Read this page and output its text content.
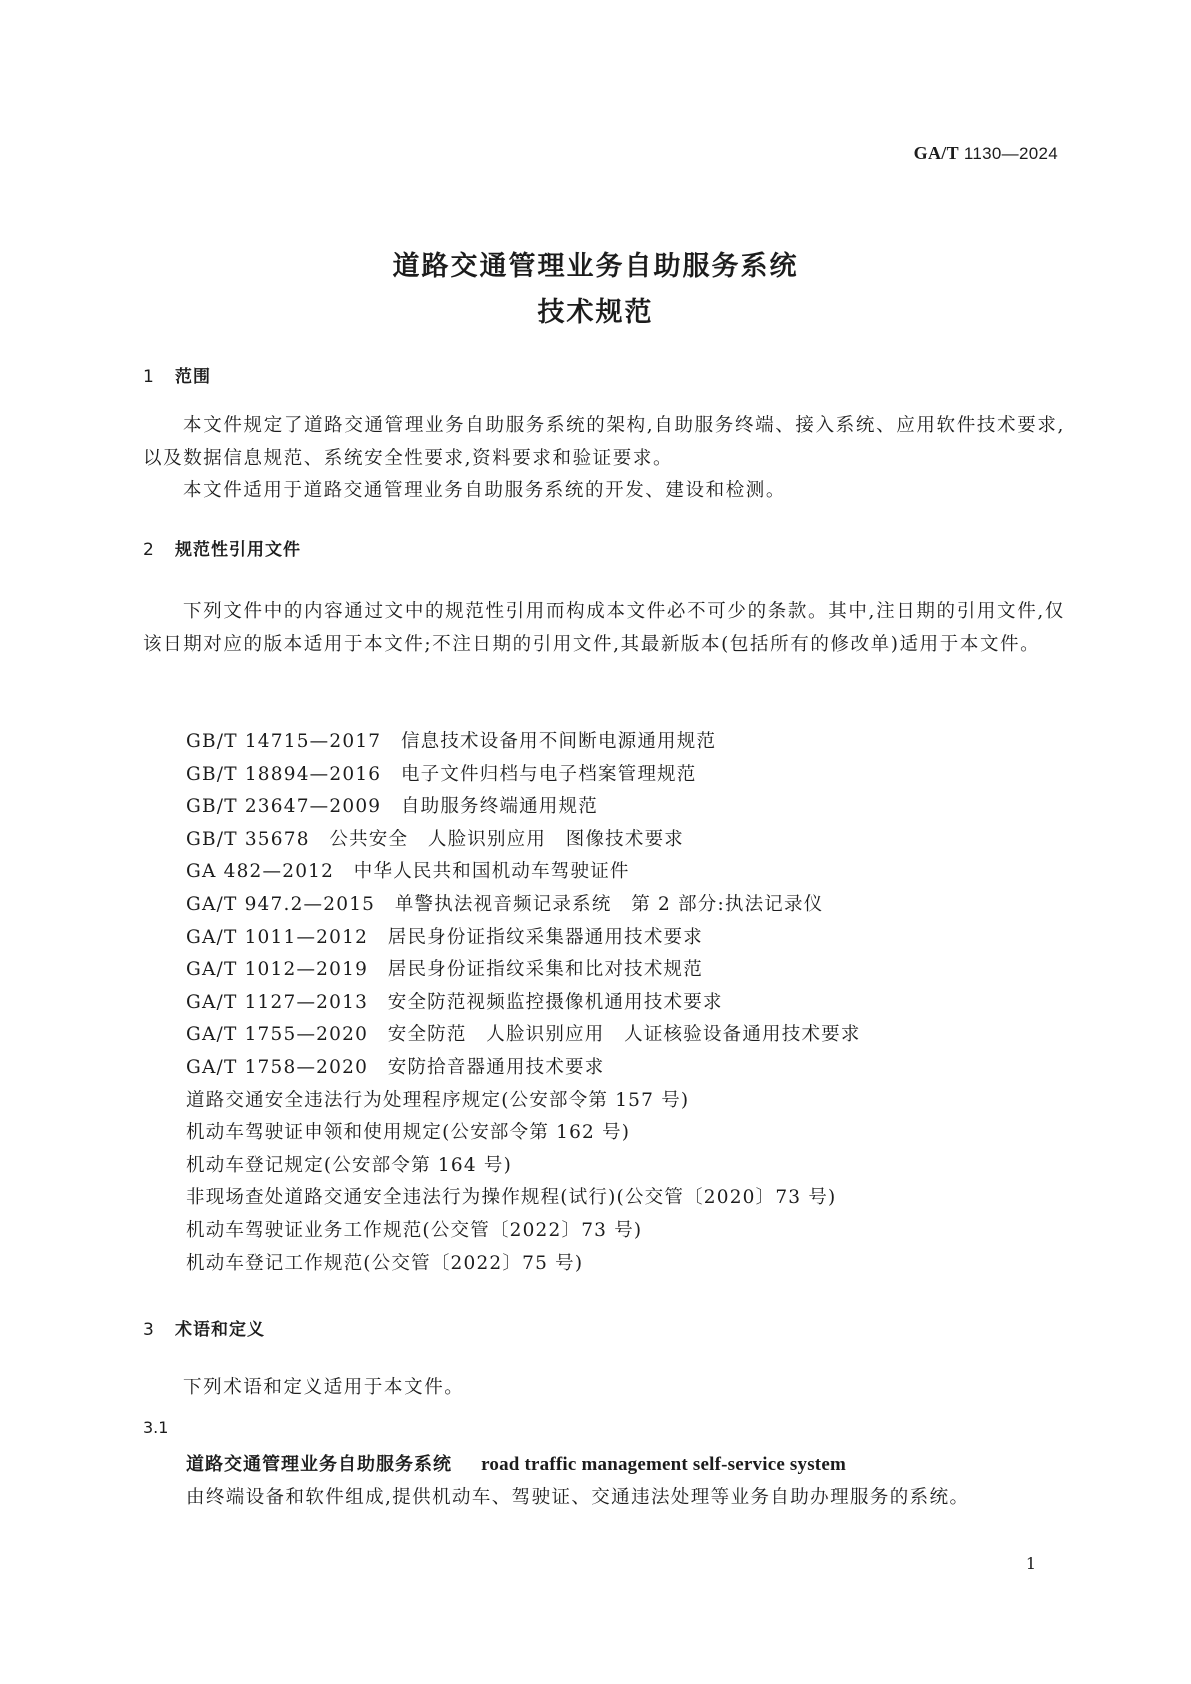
GA/T 1130—2024
道路交通管理业务自助服务系统
技术规范
1 范围
本文件规定了道路交通管理业务自助服务系统的架构,自助服务终端、接入系统、应用软件技术要求,以及数据信息规范、系统安全性要求,资料要求和验证要求。
本文件适用于道路交通管理业务自助服务系统的开发、建设和检测。
2 规范性引用文件
下列文件中的内容通过文中的规范性引用而构成本文件必不可少的条款。其中,注日期的引用文件,仅该日期对应的版本适用于本文件;不注日期的引用文件,其最新版本(包括所有的修改单)适用于本文件。
GB/T 14715—2017　信息技术设备用不间断电源通用规范
GB/T 18894—2016　电子文件归档与电子档案管理规范
GB/T 23647—2009　自助服务终端通用规范
GB/T 35678　公共安全　人脸识别应用　图像技术要求
GA 482—2012　中华人民共和国机动车驾驶证件
GA/T 947.2—2015　单警执法视音频记录系统　第 2 部分:执法记录仪
GA/T 1011—2012　居民身份证指纹采集器通用技术要求
GA/T 1012—2019　居民身份证指纹采集和比对技术规范
GA/T 1127—2013　安全防范视频监控摄像机通用技术要求
GA/T 1755—2020　安全防范　人脸识别应用　人证核验设备通用技术要求
GA/T 1758—2020　安防拾音器通用技术要求
道路交通安全违法行为处理程序规定(公安部令第 157 号)
机动车驾驶证申领和使用规定(公安部令第 162 号)
机动车登记规定(公安部令第 164 号)
非现场查处道路交通安全违法行为操作规程(试行)(公交管〔2020〕73 号)
机动车驾驶证业务工作规范(公交管〔2022〕73 号)
机动车登记工作规范(公交管〔2022〕75 号)
3 术语和定义
下列术语和定义适用于本文件。
3.1
道路交通管理业务自助服务系统 road traffic management self-service system
由终端设备和软件组成,提供机动车、驾驶证、交通违法处理等业务自助办理服务的系统。
1
